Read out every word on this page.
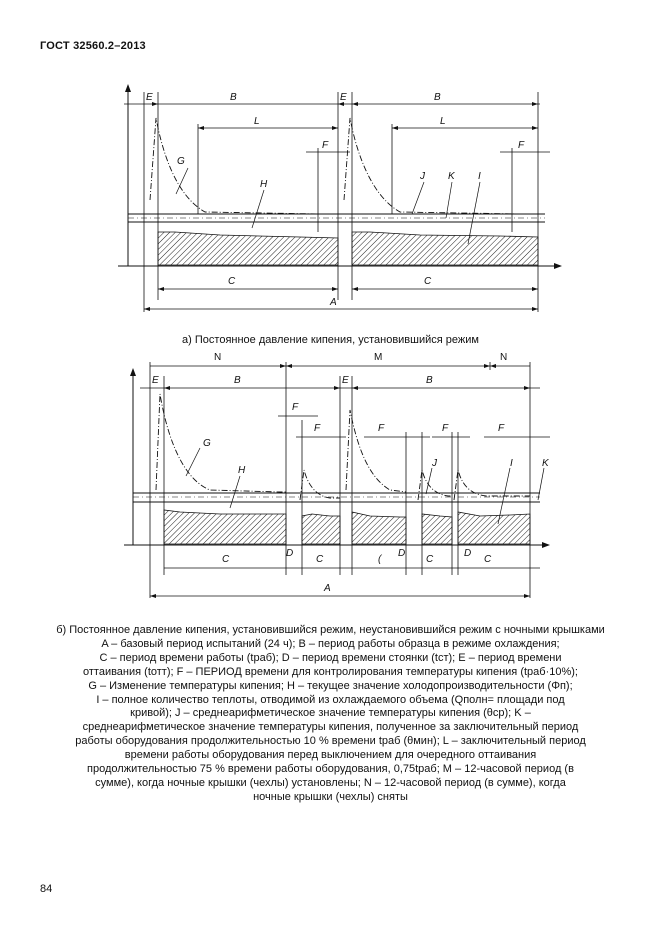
ГОСТ 32560.2–2013
E	B	E	B
L	L
F	F
G
H
J K I
C	C
A
а) Постоянное давление кипения, установившийся режим
N	M	N
E	B	E	B
F
F	F	F	F
G
H
J	I	K
C
D
C	(
D
C
D
C
A

б) Постоянное давление кипения, установившийся режим, неустановившийся режим с ночными крышками

A – базовый период испытаний (24 ч); B – период работы образца в режиме охлаждения;

C – период времени работы (tраб); D – период времени стоянки (tст); E – период времени

оттаивания (tотт); F – ПЕРИОД времени для контролирования температуры кипения (tраб·10%);

G – Изменение температуры кипения; H – текущее значение холодопроизводительности (Φп);

I – полное количество теплоты, отводимой из охлаждаемого объема (Qполн= площади под

кривой); J – среднеарифметическое значение температуры кипения (θср); K –

среднеарифметическое значение температуры кипения, полученное за заключительный период

работы оборудования продолжительностью 10 % времени tраб (θмин); L – заключительный период

времени работы оборудования перед выключением для очередного оттаивания

продолжительностью 75 % времени работы оборудования, 0,75tраб; M – 12-часовой период (в

сумме), когда ночные крышки (чехлы) установлены; N – 12-часовой период (в сумме), когда

ночные крышки (чехлы) сняты

84
